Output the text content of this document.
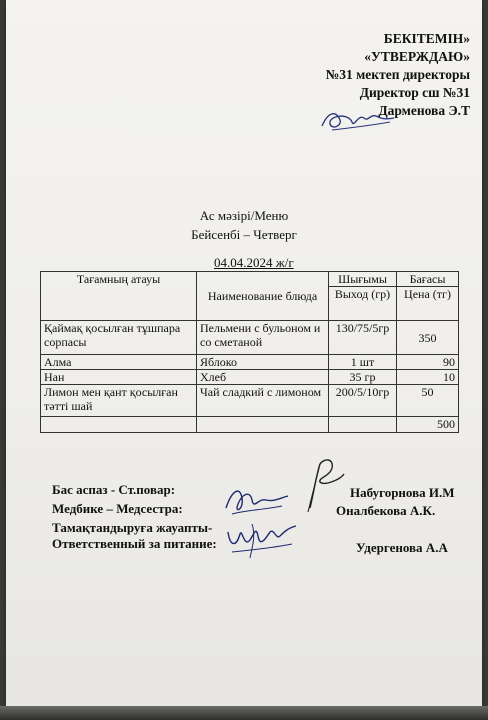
БЕКІТЕМІН»
«УТВЕРЖДАЮ»
№31 мектеп директоры
Директор сш №31
Дарменова Э.Т
Ас мәзірі/Меню
Бейсенбі – Четверг
04.04.2024 ж/г
Тағамның атауы	Наименование блюда	Шығымы	Бағасы
		Выход (гр)	Цена (тг)
Қаймақ қосылған тұшпара сорпасы	Пельмени с бульоном и со сметаной	130/75/5гр	350
Алма	Яблоко	1 шт	90
Нан	Хлеб	35 гр	10
Лимон мен қант қосылған тәтті шай	Чай сладкий с лимоном	200/5/10гр	50
			500
Бас аспаз - Ст.повар:	Набугорнова И.М
Медбике – Медсестра:	Оналбекова А.К.
Тамақтандыруға жауапты-
Ответственный за питание:	Удергенова А.А
